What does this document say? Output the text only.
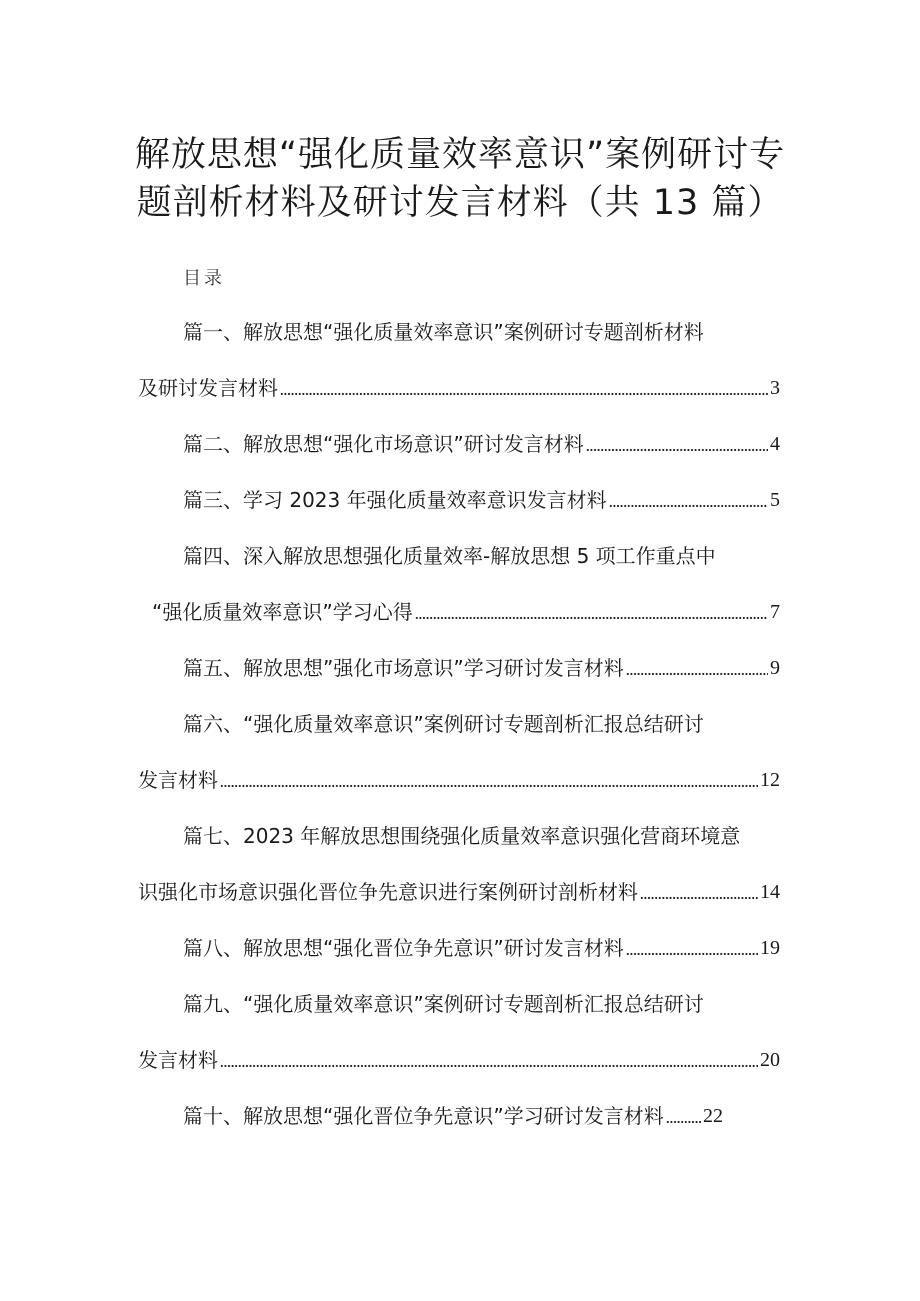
解放思想“强化质量效率意识”案例研讨专
题剖析材料及研讨发言材料（共 13 篇）
目录
篇一、解放思想“强化质量效率意识”案例研讨专题剖析材料
及研讨发言材料	3
篇二、解放思想“强化市场意识”研讨发言材料	4
篇三、学习 2023 年强化质量效率意识发言材料	5
篇四、深入解放思想强化质量效率-解放思想 5 项工作重点中
“强化质量效率意识”学习心得	7
篇五、解放思想”强化市场意识”学习研讨发言材料	9
篇六、“强化质量效率意识”案例研讨专题剖析汇报总结研讨
发言材料	12
篇七、2023 年解放思想围绕强化质量效率意识强化营商环境意
识强化市场意识强化晋位争先意识进行案例研讨剖析材料	14
篇八、解放思想“强化晋位争先意识”研讨发言材料	19
篇九、“强化质量效率意识”案例研讨专题剖析汇报总结研讨
发言材料	20
篇十、解放思想“强化晋位争先意识”学习研讨发言材料 22
